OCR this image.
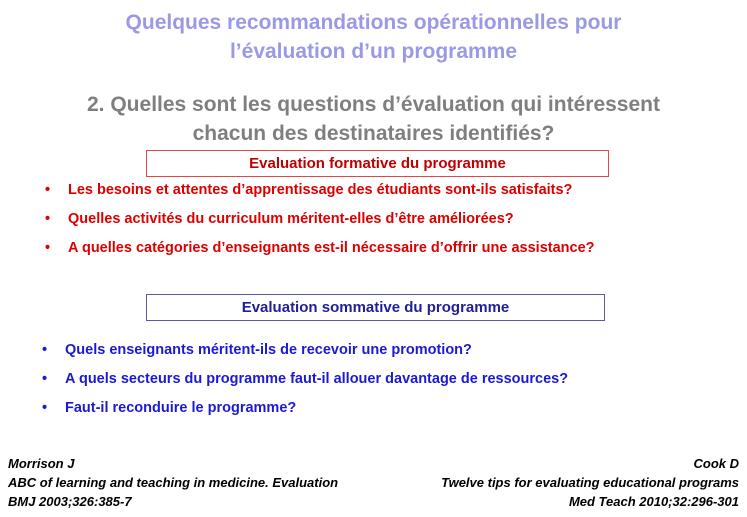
Quelques recommandations opérationnelles pour
l’évaluation d’un programme
2. Quelles sont les questions d’évaluation qui intéressent
chacun des destinataires identifiés?
Evaluation formative du programme
• Les besoins et attentes d’apprentissage des étudiants sont-ils satisfaits?
• Quelles activités du curriculum méritent-elles d’être améliorées?
• A quelles catégories d’enseignants est-il nécessaire d’offrir une assistance?
Evaluation sommative du programme
• Quels enseignants méritent-ils de recevoir une promotion?
• A quels secteurs du programme faut-il allouer davantage de ressources?
• Faut-il reconduire le programme?
Morrison J
ABC of learning and teaching in medicine. Evaluation
BMJ 2003;326:385-7
Cook D
Twelve tips for evaluating educational programs
Med Teach 2010;32:296-301
